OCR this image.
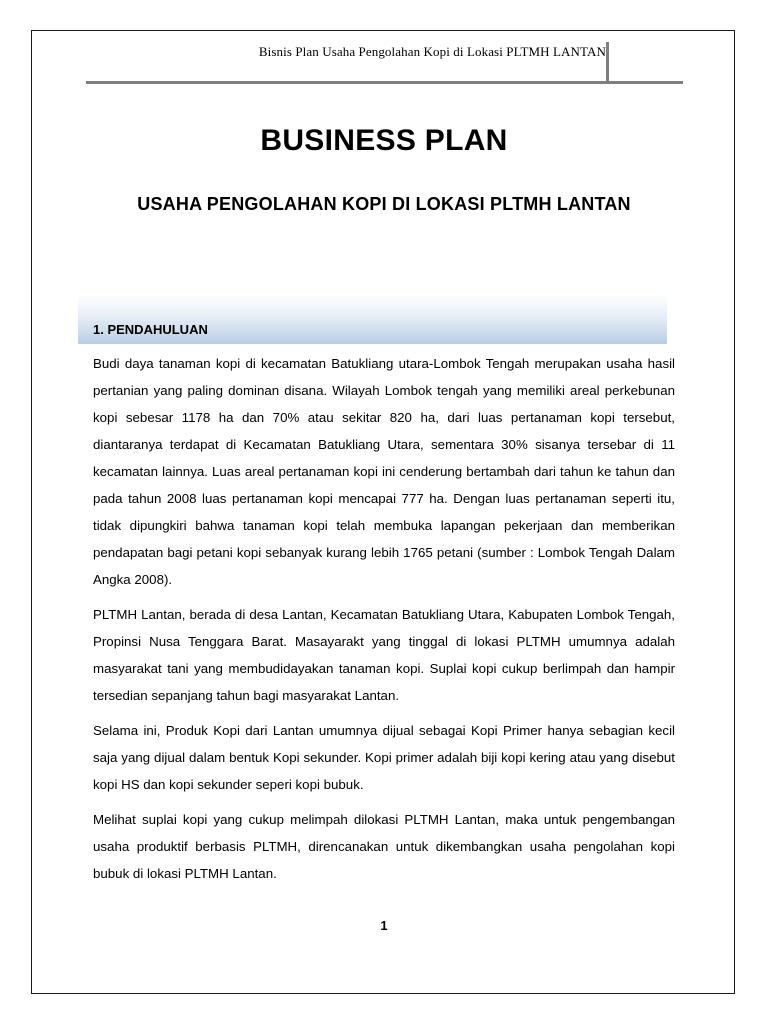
Bisnis Plan Usaha Pengolahan Kopi di Lokasi PLTMH LANTAN
BUSINESS PLAN
USAHA PENGOLAHAN KOPI DI LOKASI PLTMH LANTAN
1. PENDAHULUAN

Budi daya tanaman kopi di kecamatan Batukliang utara-Lombok Tengah merupakan usaha hasil pertanian yang paling dominan disana. Wilayah Lombok tengah yang memiliki areal perkebunan kopi sebesar 1178 ha dan 70% atau sekitar 820 ha, dari luas pertanaman kopi tersebut, diantaranya terdapat di Kecamatan Batukliang Utara, sementara 30% sisanya tersebar di 11 kecamatan lainnya. Luas areal pertanaman kopi ini cenderung bertambah dari tahun ke tahun dan pada tahun 2008 luas pertanaman kopi mencapai 777 ha. Dengan luas pertanaman seperti itu, tidak dipungkiri bahwa tanaman kopi telah membuka lapangan pekerjaan dan memberikan pendapatan bagi petani kopi sebanyak kurang lebih 1765 petani (sumber : Lombok Tengah Dalam Angka 2008).

PLTMH Lantan, berada di desa Lantan, Kecamatan Batukliang Utara, Kabupaten Lombok Tengah, Propinsi Nusa Tenggara Barat. Masayarakt yang tinggal di lokasi PLTMH umumnya adalah masyarakat tani yang membudidayakan tanaman kopi. Suplai kopi cukup berlimpah dan hampir tersedian sepanjang tahun bagi masyarakat Lantan.

Selama ini, Produk Kopi dari Lantan umumnya dijual sebagai Kopi Primer hanya sebagian kecil saja yang dijual dalam bentuk Kopi sekunder. Kopi primer adalah biji kopi kering atau yang disebut kopi HS dan kopi sekunder seperi kopi bubuk.

Melihat suplai kopi yang cukup melimpah dilokasi PLTMH Lantan, maka untuk pengembangan usaha produktif berbasis PLTMH, direncanakan untuk dikembangkan usaha pengolahan kopi bubuk di lokasi PLTMH Lantan.

1
